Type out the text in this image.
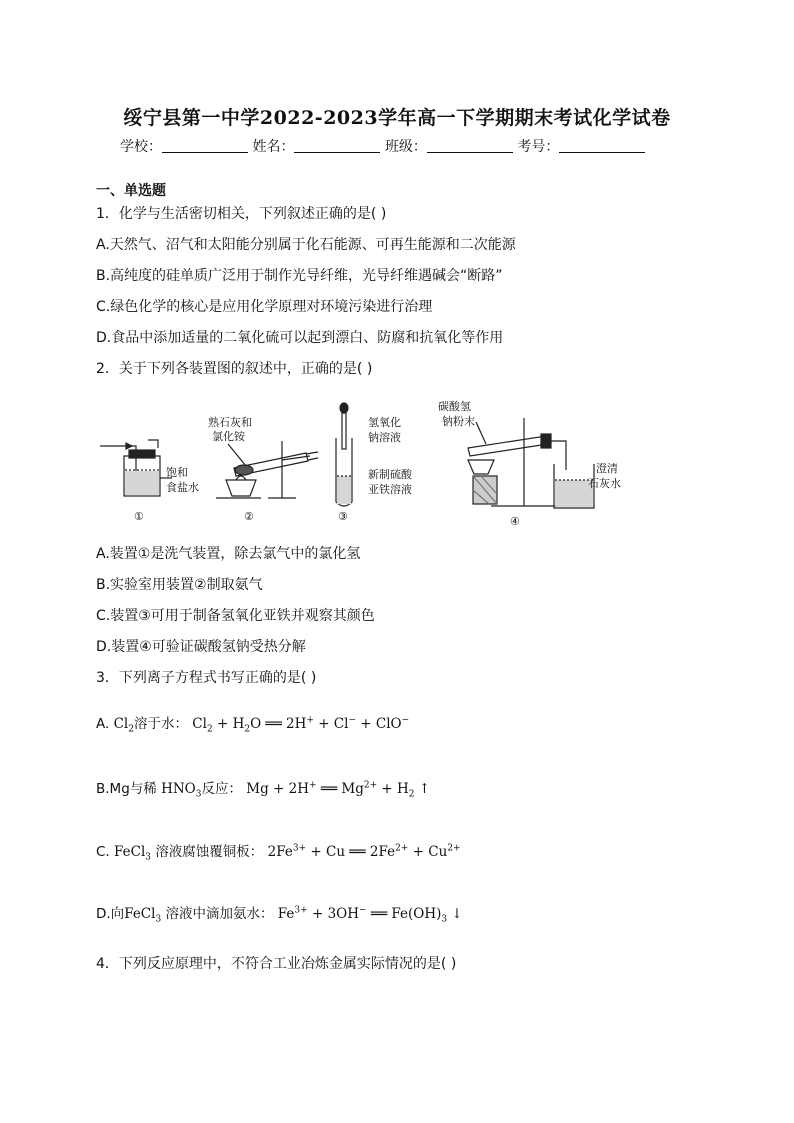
绥宁县第一中学2022-2023学年高一下学期期末考试化学试卷
学校：	姓名：	班级：	考号：
一、单选题
1．化学与生活密切相关，下列叙述正确的是( )
A.天然气、沼气和太阳能分别属于化石能源、可再生能源和二次能源
B.高纯度的硅单质广泛用于制作光导纤维，光导纤维遇碱会“断路”
C.绿色化学的核心是应用化学原理对环境污染进行治理
D.食品中添加适量的二氧化硫可以起到漂白、防腐和抗氧化等作用
2．关于下列各装置图的叙述中，正确的是( )
饱和
食盐水
熟石灰和
氯化铵
氢氧化
钠溶液
新制硫酸
亚铁溶液
碳酸氢
钠粉末
澄清
石灰水
①	②	③	④
A.装置①是洗气装置，除去氯气中的氯化氢
B.实验室用装置②制取氨气
C.装置③可用于制备氢氧化亚铁并观察其颜色
D.装置④可验证碳酸氢钠受热分解
3．下列离子方程式书写正确的是( )
A. $Cl_2$溶于水： $Cl_2 + H_2O$ ══ 2H+ + Cl− + ClO−
B.Mg与稀 $HNO_3$反应： Mg + 2H+ ══ $Mg^{2+} + H_2$ ↑
C. FeCl$_3$ 溶液腐蚀覆铜板： $2Fe^{3+} + Cu$ ══ $2Fe^{2+} + Cu^{2+}$
D.向FeCl$_3$ 溶液中滴加氨水： $Fe^{3+} + 3OH^-$ ══ $Fe(OH)_3$ ↓
4．下列反应原理中，不符合工业冶炼金属实际情况的是( )
